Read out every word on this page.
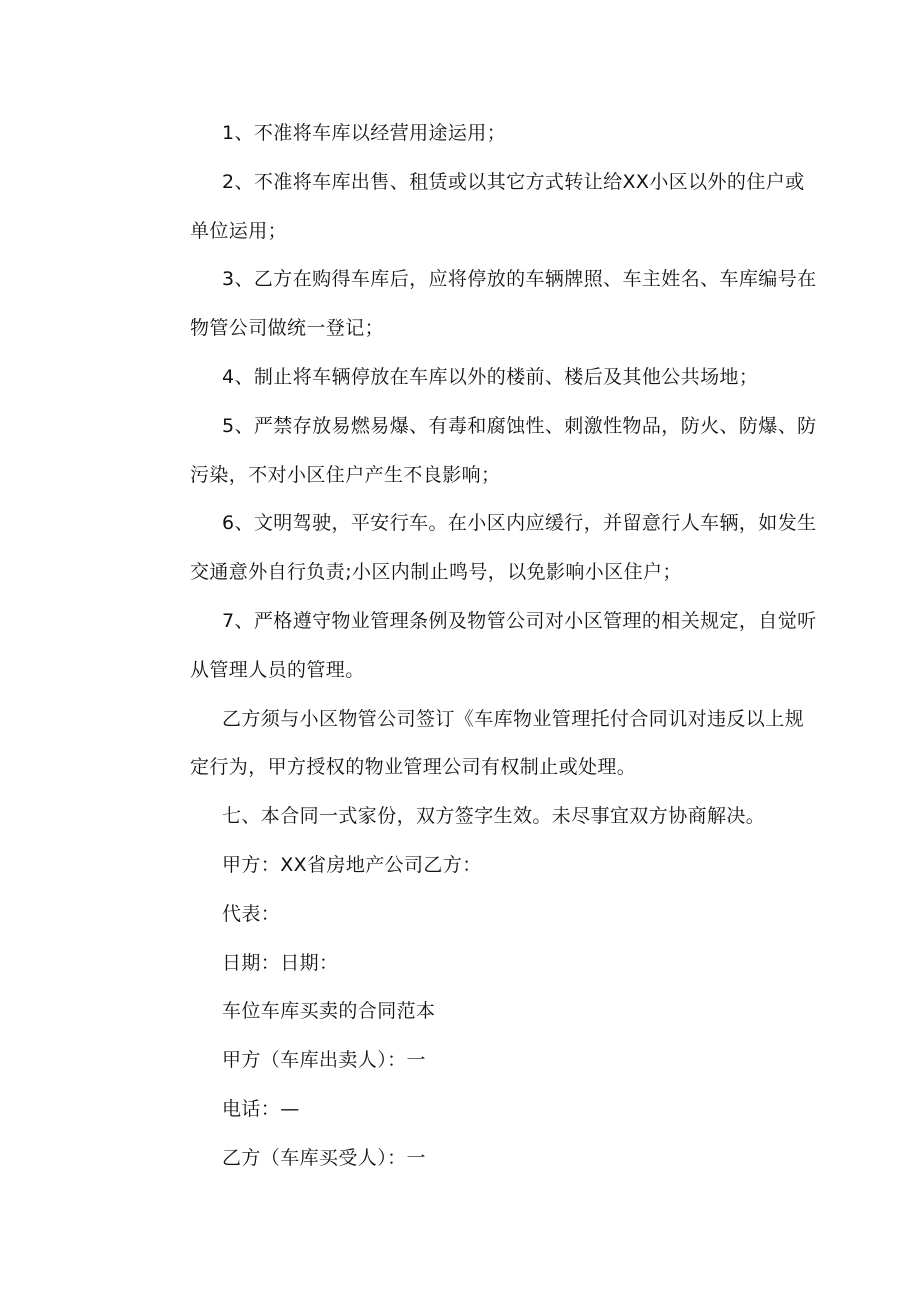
1、不准将车库以经营用途运用；
2、不准将车库出售、租赁或以其它方式转让给XX小区以外的住户或
单位运用；
3、乙方在购得车库后，应将停放的车辆牌照、车主姓名、车库编号在
物管公司做统一登记；
4、制止将车辆停放在车库以外的楼前、楼后及其他公共场地；
5、严禁存放易燃易爆、有毒和腐蚀性、刺激性物品，防火、防爆、防
污染，不对小区住户产生不良影响；
6、文明驾驶，平安行车。在小区内应缓行，并留意行人车辆，如发生
交通意外自行负责;小区内制止鸣号，以免影响小区住户；
7、严格遵守物业管理条例及物管公司对小区管理的相关规定，自觉听
从管理人员的管理。
乙方须与小区物管公司签订《车库物业管理托付合同讥对违反以上规
定行为，甲方授权的物业管理公司有权制止或处理。
七、本合同一式家份，双方签字生效。未尽事宜双方协商解决。
甲方：XX省房地产公司乙方：
代表：
日期：日期：
车位车库买卖的合同范本
甲方（车库出卖人）：一
电话：—
乙方（车库买受人）：一
